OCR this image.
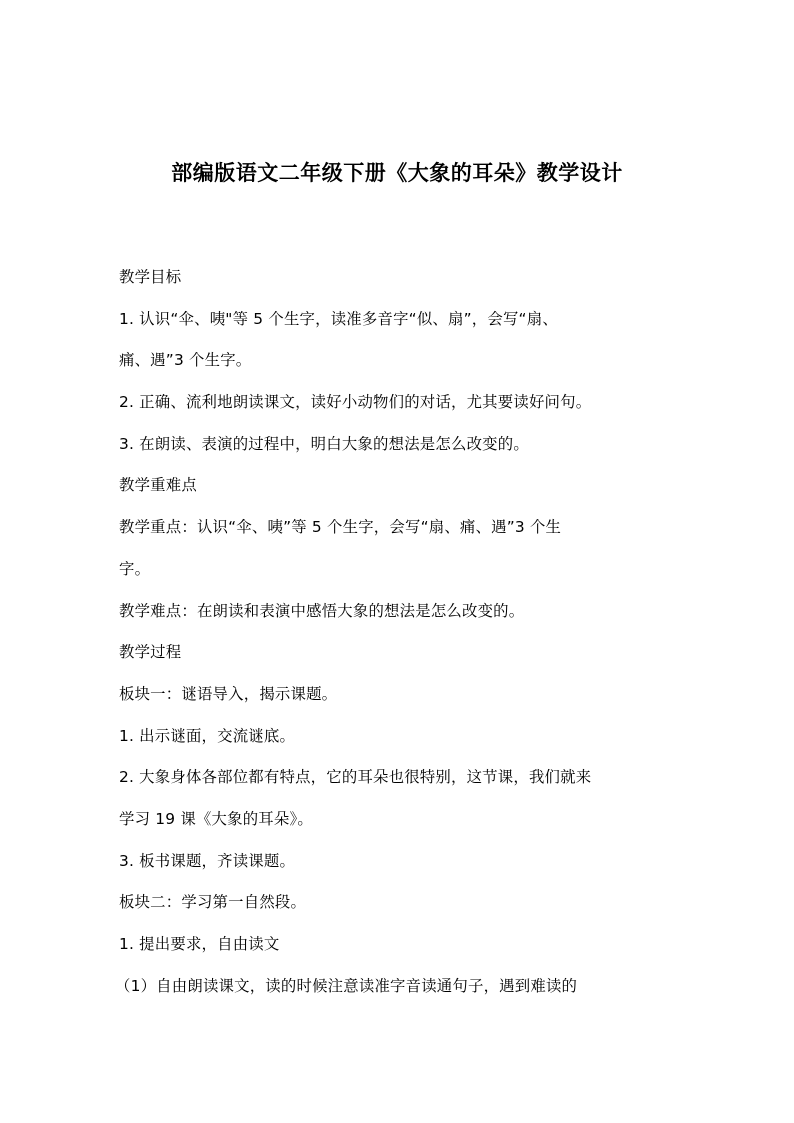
部编版语文二年级下册《大象的耳朵》教学设计
教学目标
1. 认识“伞、咦"等 5 个生字，读准多音字“似、扇”，会写“扇、
痛、遇”3 个生字。
2. 正确、流利地朗读课文，读好小动物们的对话，尤其要读好问句。
3. 在朗读、表演的过程中，明白大象的想法是怎么改变的。
教学重难点
教学重点：认识“伞、咦”等 5 个生字，会写“扇、痛、遇”3 个生
字。
教学难点：在朗读和表演中感悟大象的想法是怎么改变的。
教学过程
板块一：谜语导入，揭示课题。
1. 出示谜面，交流谜底。
2. 大象身体各部位都有特点，它的耳朵也很特别，这节课，我们就来
学习 19 课《大象的耳朵》。
3. 板书课题，齐读课题。
板块二：学习第一自然段。
1. 提出要求，自由读文
（1）自由朗读课文，读的时候注意读准字音读通句子，遇到难读的
